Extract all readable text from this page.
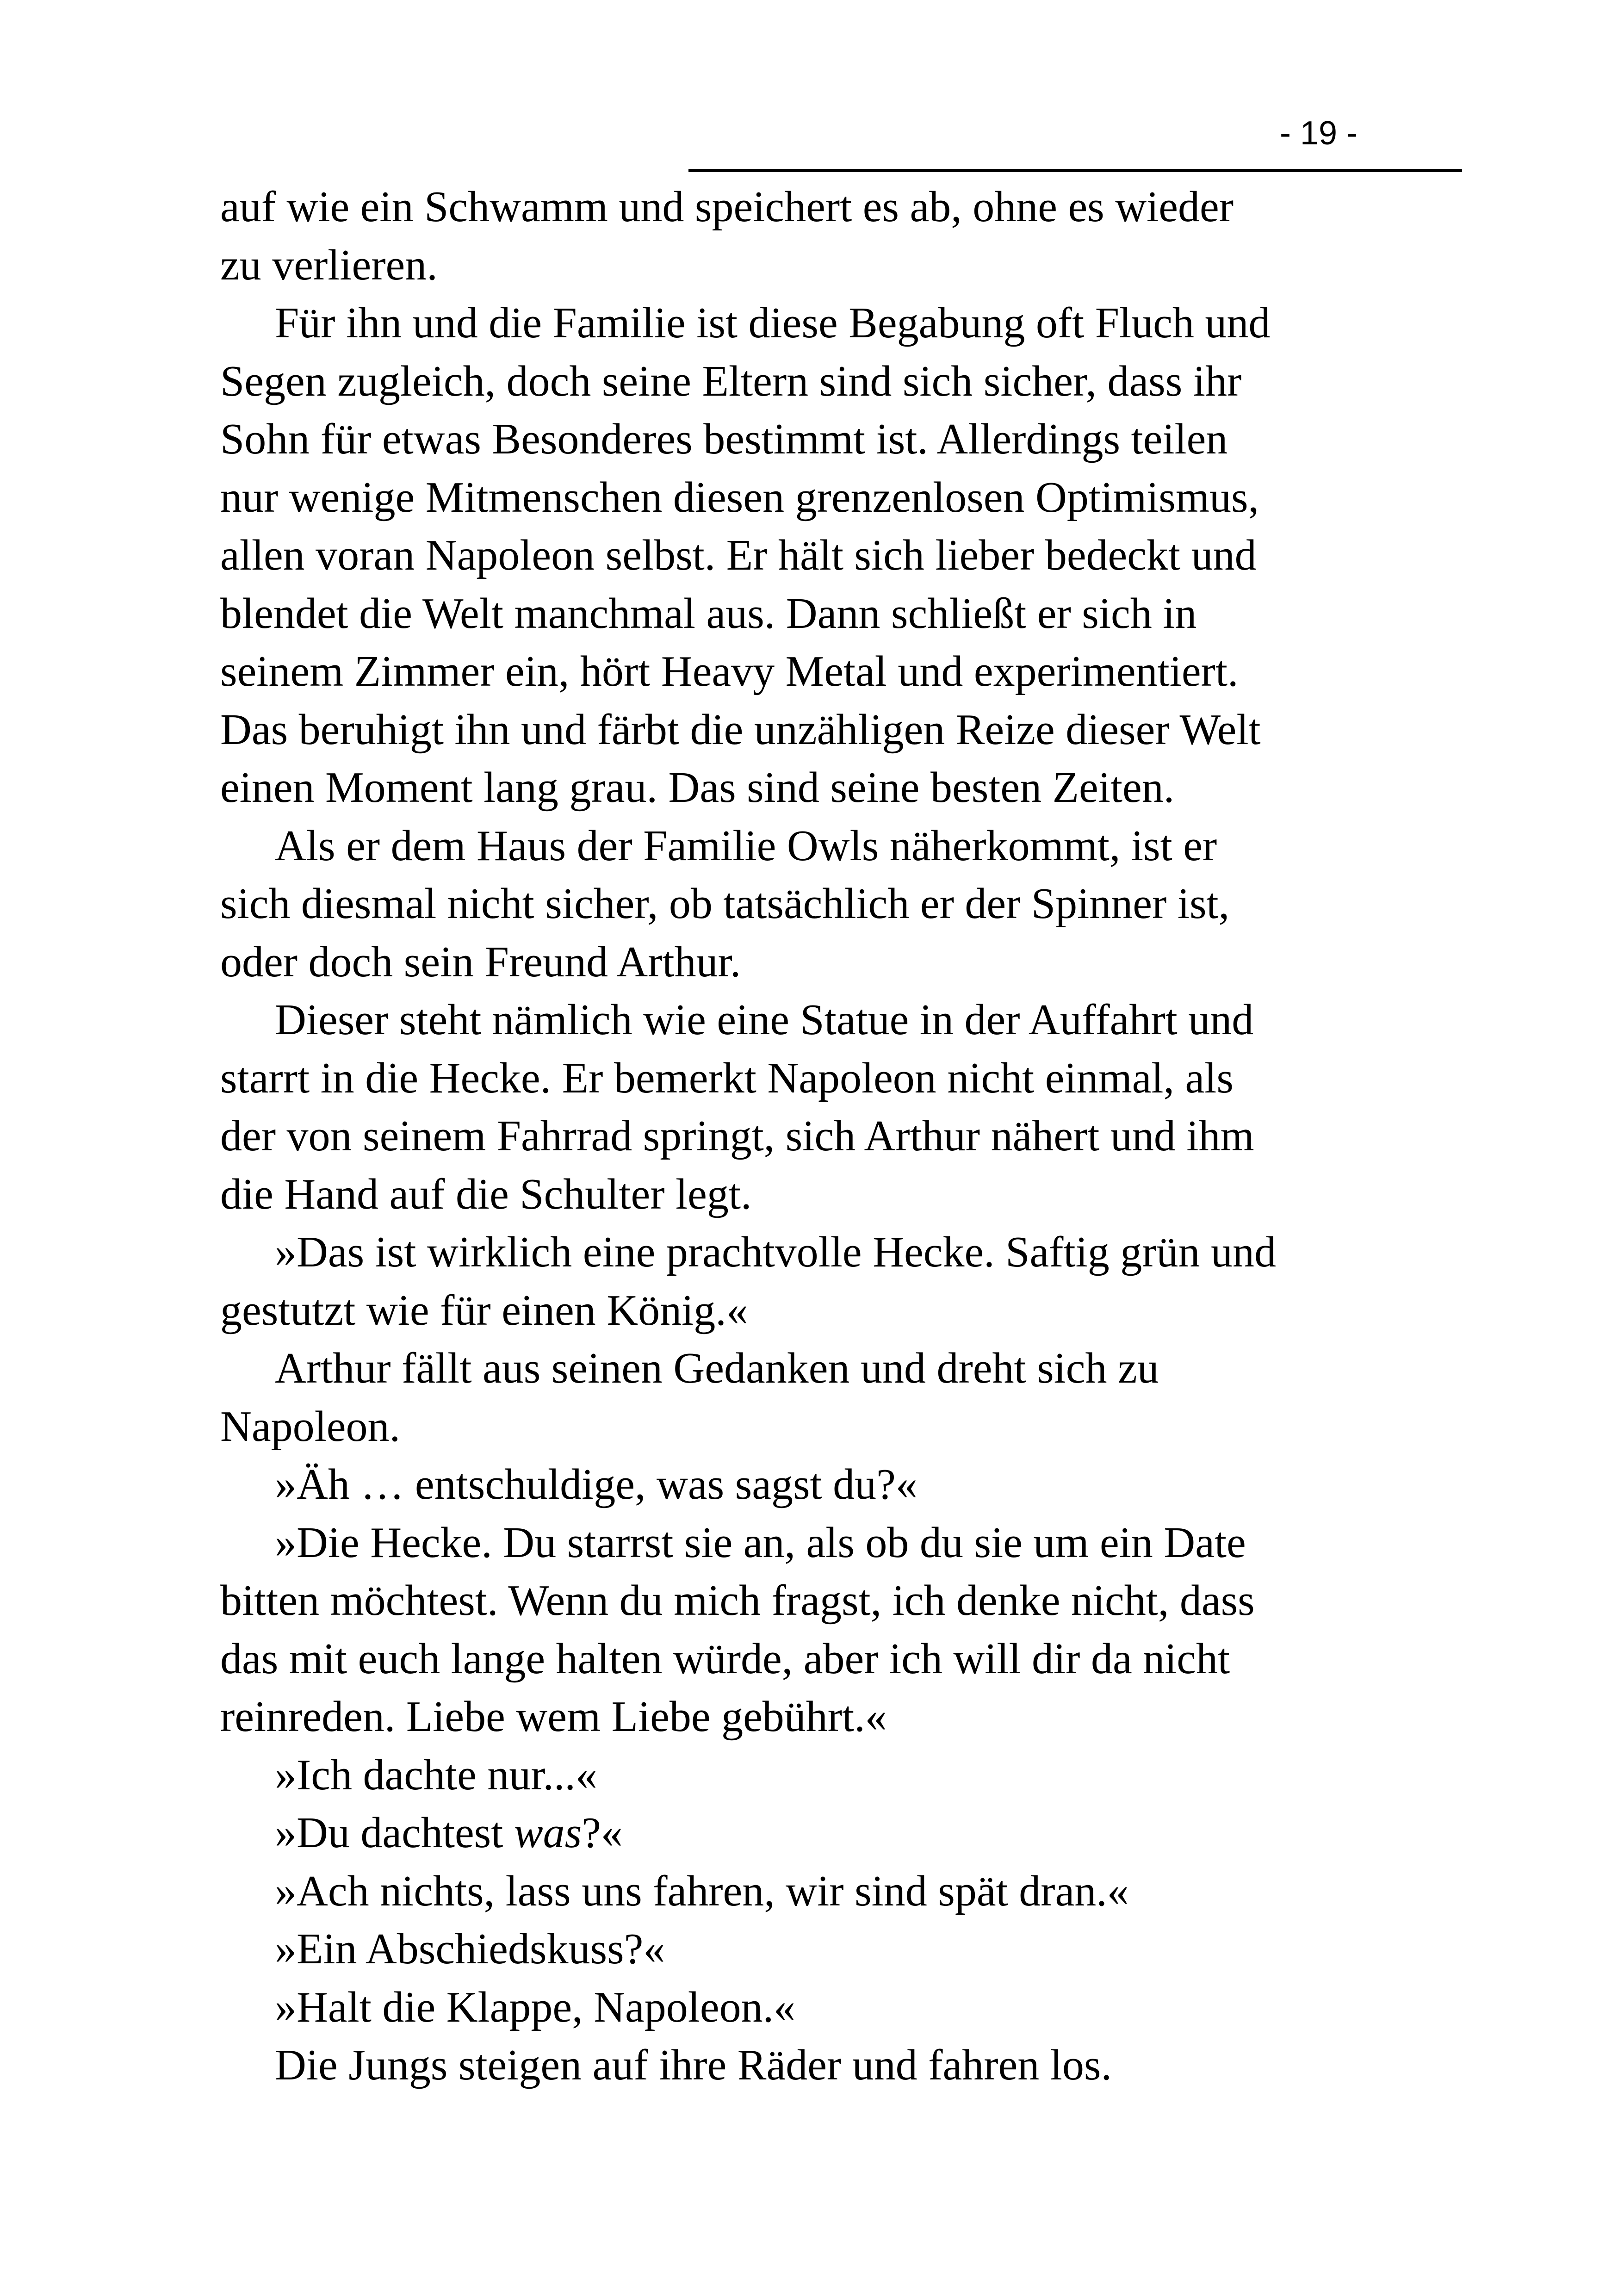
- 19 -

auf wie ein Schwamm und speichert es ab, ohne es wieder
zu verlieren.

Für ihn und die Familie ist diese Begabung oft Fluch und
Segen zugleich, doch seine Eltern sind sich sicher, dass ihr
Sohn für etwas Besonderes bestimmt ist. Allerdings teilen
nur wenige Mitmenschen diesen grenzenlosen Optimismus,
allen voran Napoleon selbst. Er hält sich lieber bedeckt und
blendet die Welt manchmal aus. Dann schließt er sich in
seinem Zimmer ein, hört Heavy Metal und experimentiert.
Das beruhigt ihn und färbt die unzähligen Reize dieser Welt
einen Moment lang grau. Das sind seine besten Zeiten.

Als er dem Haus der Familie Owls näherkommt, ist er
sich diesmal nicht sicher, ob tatsächlich er der Spinner ist,
oder doch sein Freund Arthur.

Dieser steht nämlich wie eine Statue in der Auffahrt und
starrt in die Hecke. Er bemerkt Napoleon nicht einmal, als
der von seinem Fahrrad springt, sich Arthur nähert und ihm
die Hand auf die Schulter legt.

»Das ist wirklich eine prachtvolle Hecke. Saftig grün und
gestutzt wie für einen König.«

Arthur fällt aus seinen Gedanken und dreht sich zu
Napoleon.

»Äh … entschuldige, was sagst du?«

»Die Hecke. Du starrst sie an, als ob du sie um ein Date
bitten möchtest. Wenn du mich fragst, ich denke nicht, dass
das mit euch lange halten würde, aber ich will dir da nicht
reinreden. Liebe wem Liebe gebührt.«

»Ich dachte nur...«

»Du dachtest was?«

»Ach nichts, lass uns fahren, wir sind spät dran.«

»Ein Abschiedskuss?«

»Halt die Klappe, Napoleon.«

Die Jungs steigen auf ihre Räder und fahren los.
